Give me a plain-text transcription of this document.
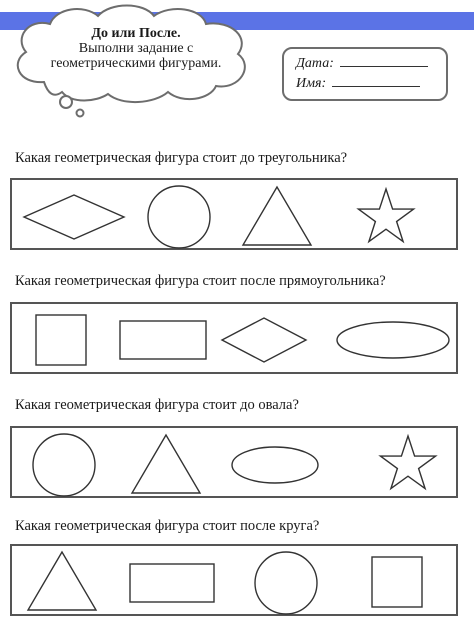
До или После.
Выполни задание с
геометрическими фигурами.	Дата:
Имя:
Какая геометрическая фигура стоит до треугольника?
Какая геометрическая фигура стоит после прямоугольника?
Какая геометрическая фигура стоит до овала?
Какая геометрическая фигура стоит после круга?
